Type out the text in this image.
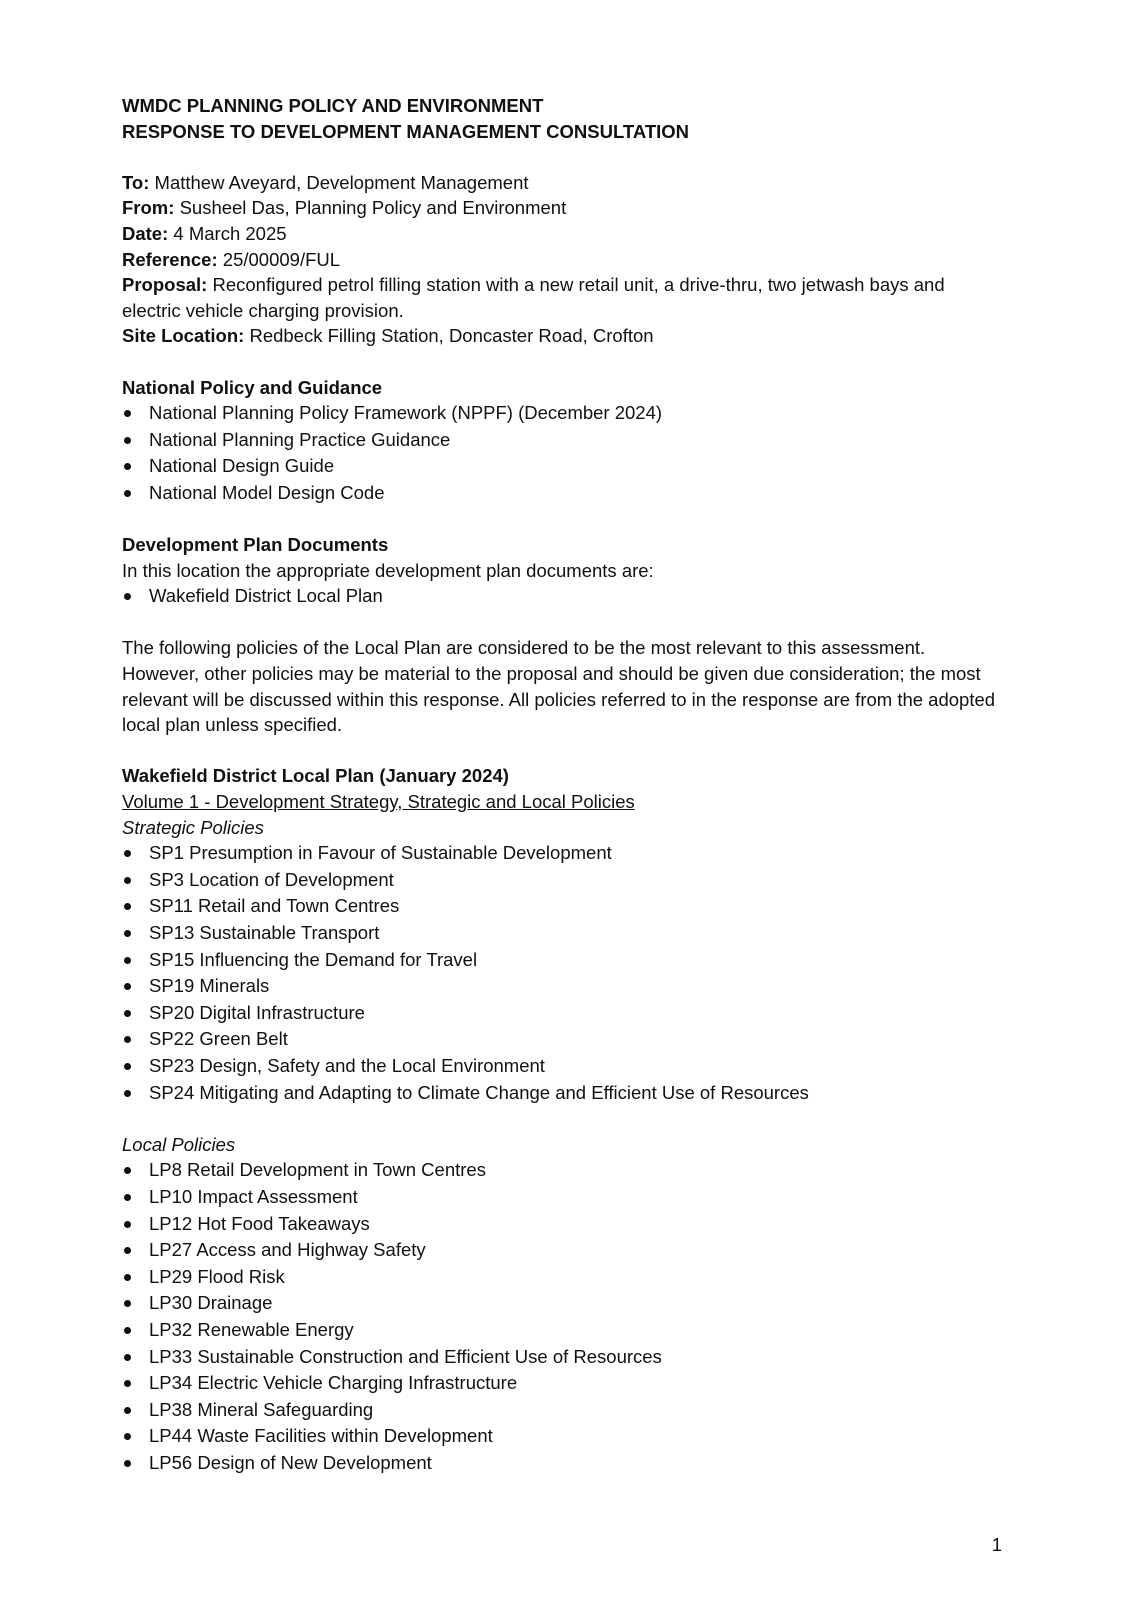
WMDC PLANNING POLICY AND ENVIRONMENT
RESPONSE TO DEVELOPMENT MANAGEMENT CONSULTATION
To: Matthew Aveyard, Development Management
From: Susheel Das, Planning Policy and Environment
Date: 4 March 2025
Reference: 25/00009/FUL
Proposal: Reconfigured petrol filling station with a new retail unit, a drive-thru, two jetwash bays and electric vehicle charging provision.
Site Location: Redbeck Filling Station, Doncaster Road, Crofton
National Policy and Guidance
National Planning Policy Framework (NPPF) (December 2024)
National Planning Practice Guidance
National Design Guide
National Model Design Code
Development Plan Documents
In this location the appropriate development plan documents are:
Wakefield District Local Plan
The following policies of the Local Plan are considered to be the most relevant to this assessment. However, other policies may be material to the proposal and should be given due consideration; the most relevant will be discussed within this response. All policies referred to in the response are from the adopted local plan unless specified.
Wakefield District Local Plan (January 2024)
Volume 1 - Development Strategy, Strategic and Local Policies
Strategic Policies
SP1 Presumption in Favour of Sustainable Development
SP3 Location of Development
SP11 Retail and Town Centres
SP13 Sustainable Transport
SP15 Influencing the Demand for Travel
SP19 Minerals
SP20 Digital Infrastructure
SP22 Green Belt
SP23 Design, Safety and the Local Environment
SP24 Mitigating and Adapting to Climate Change and Efficient Use of Resources
Local Policies
LP8 Retail Development in Town Centres
LP10 Impact Assessment
LP12 Hot Food Takeaways
LP27 Access and Highway Safety
LP29 Flood Risk
LP30 Drainage
LP32 Renewable Energy
LP33 Sustainable Construction and Efficient Use of Resources
LP34 Electric Vehicle Charging Infrastructure
LP38 Mineral Safeguarding
LP44 Waste Facilities within Development
LP56 Design of New Development
1
